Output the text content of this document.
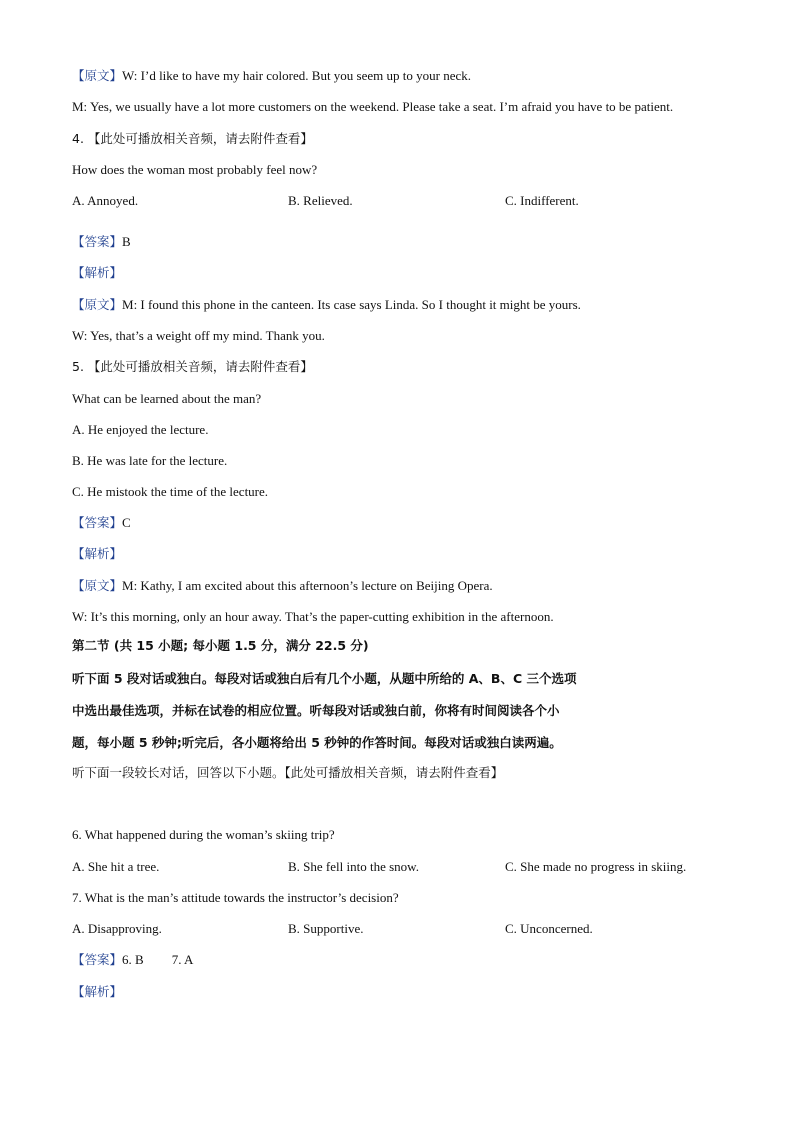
【原文】W: I’d like to have my hair colored. But you seem up to your neck.
M: Yes, we usually have a lot more customers on the weekend. Please take a seat. I’m afraid you have to be patient.
4. 【此处可播放相关音频，请去附件查看】
How does the woman most probably feel now?
A. Annoyed.	B. Relieved.	C. Indifferent.
【答案】B
【解析】
【原文】M: I found this phone in the canteen. Its case says Linda. So I thought it might be yours.
W: Yes, that’s a weight off my mind. Thank you.
5. 【此处可播放相关音频，请去附件查看】
What can be learned about the man?
A. He enjoyed the lecture.
B. He was late for the lecture.
C. He mistook the time of the lecture.
【答案】C
【解析】
【原文】M: Kathy, I am excited about this afternoon’s lecture on Beijing Opera.
W: It’s this morning, only an hour away. That’s the paper-cutting exhibition in the afternoon.
第二节 (共 15 小题; 每小题 1.5 分，满分 22.5 分)
听下面 5 段对话或独白。每段对话或独白后有几个小题，从题中所给的 A、B、C 三个选项
中选出最佳选项，并标在试卷的相应位置。听每段对话或独白前，你将有时间阅读各个小
题，每小题 5 秒钟;听完后，各小题将给出 5 秒钟的作答时间。每段对话或独白读两遍。
听下面一段较长对话，回答以下小题。【此处可播放相关音频，请去附件查看】
6. What happened during the woman’s skiing trip?
A. She hit a tree.	B. She fell into the snow.	C. She made no progress in skiing.
7. What is the man’s attitude towards the instructor’s decision?
A. Disapproving.	B. Supportive.	C. Unconcerned.
【答案】6. B 7. A
【解析】
